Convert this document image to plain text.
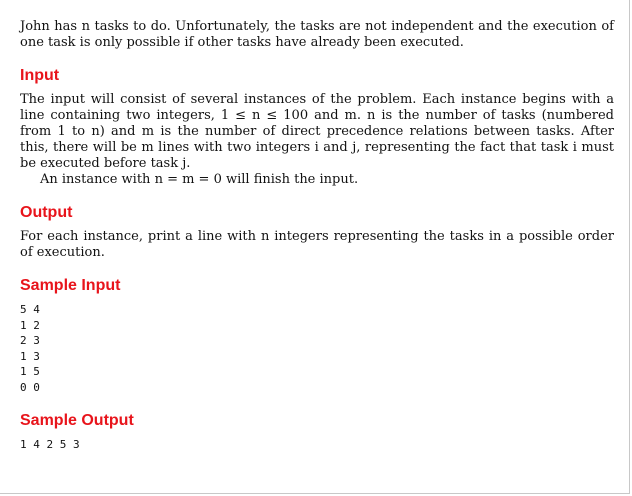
John has n tasks to do. Unfortunately, the tasks are not independent and the execution of one task is only possible if other tasks have already been executed.

Input

The input will consist of several instances of the problem. Each instance begins with a line containing two integers, 1 ≤ n ≤ 100 and m. n is the number of tasks (numbered from 1 to n) and m is the number of direct precedence relations between tasks. After this, there will be m lines with two integers i and j, representing the fact that task i must be executed before task j.

An instance with n = m = 0 will finish the input.

Output

For each instance, print a line with n integers representing the tasks in a possible order of execution.

Sample Input
5 4
1 2
2 3
1 3
1 5
0 0
Sample Output
1 4 2 5 3
